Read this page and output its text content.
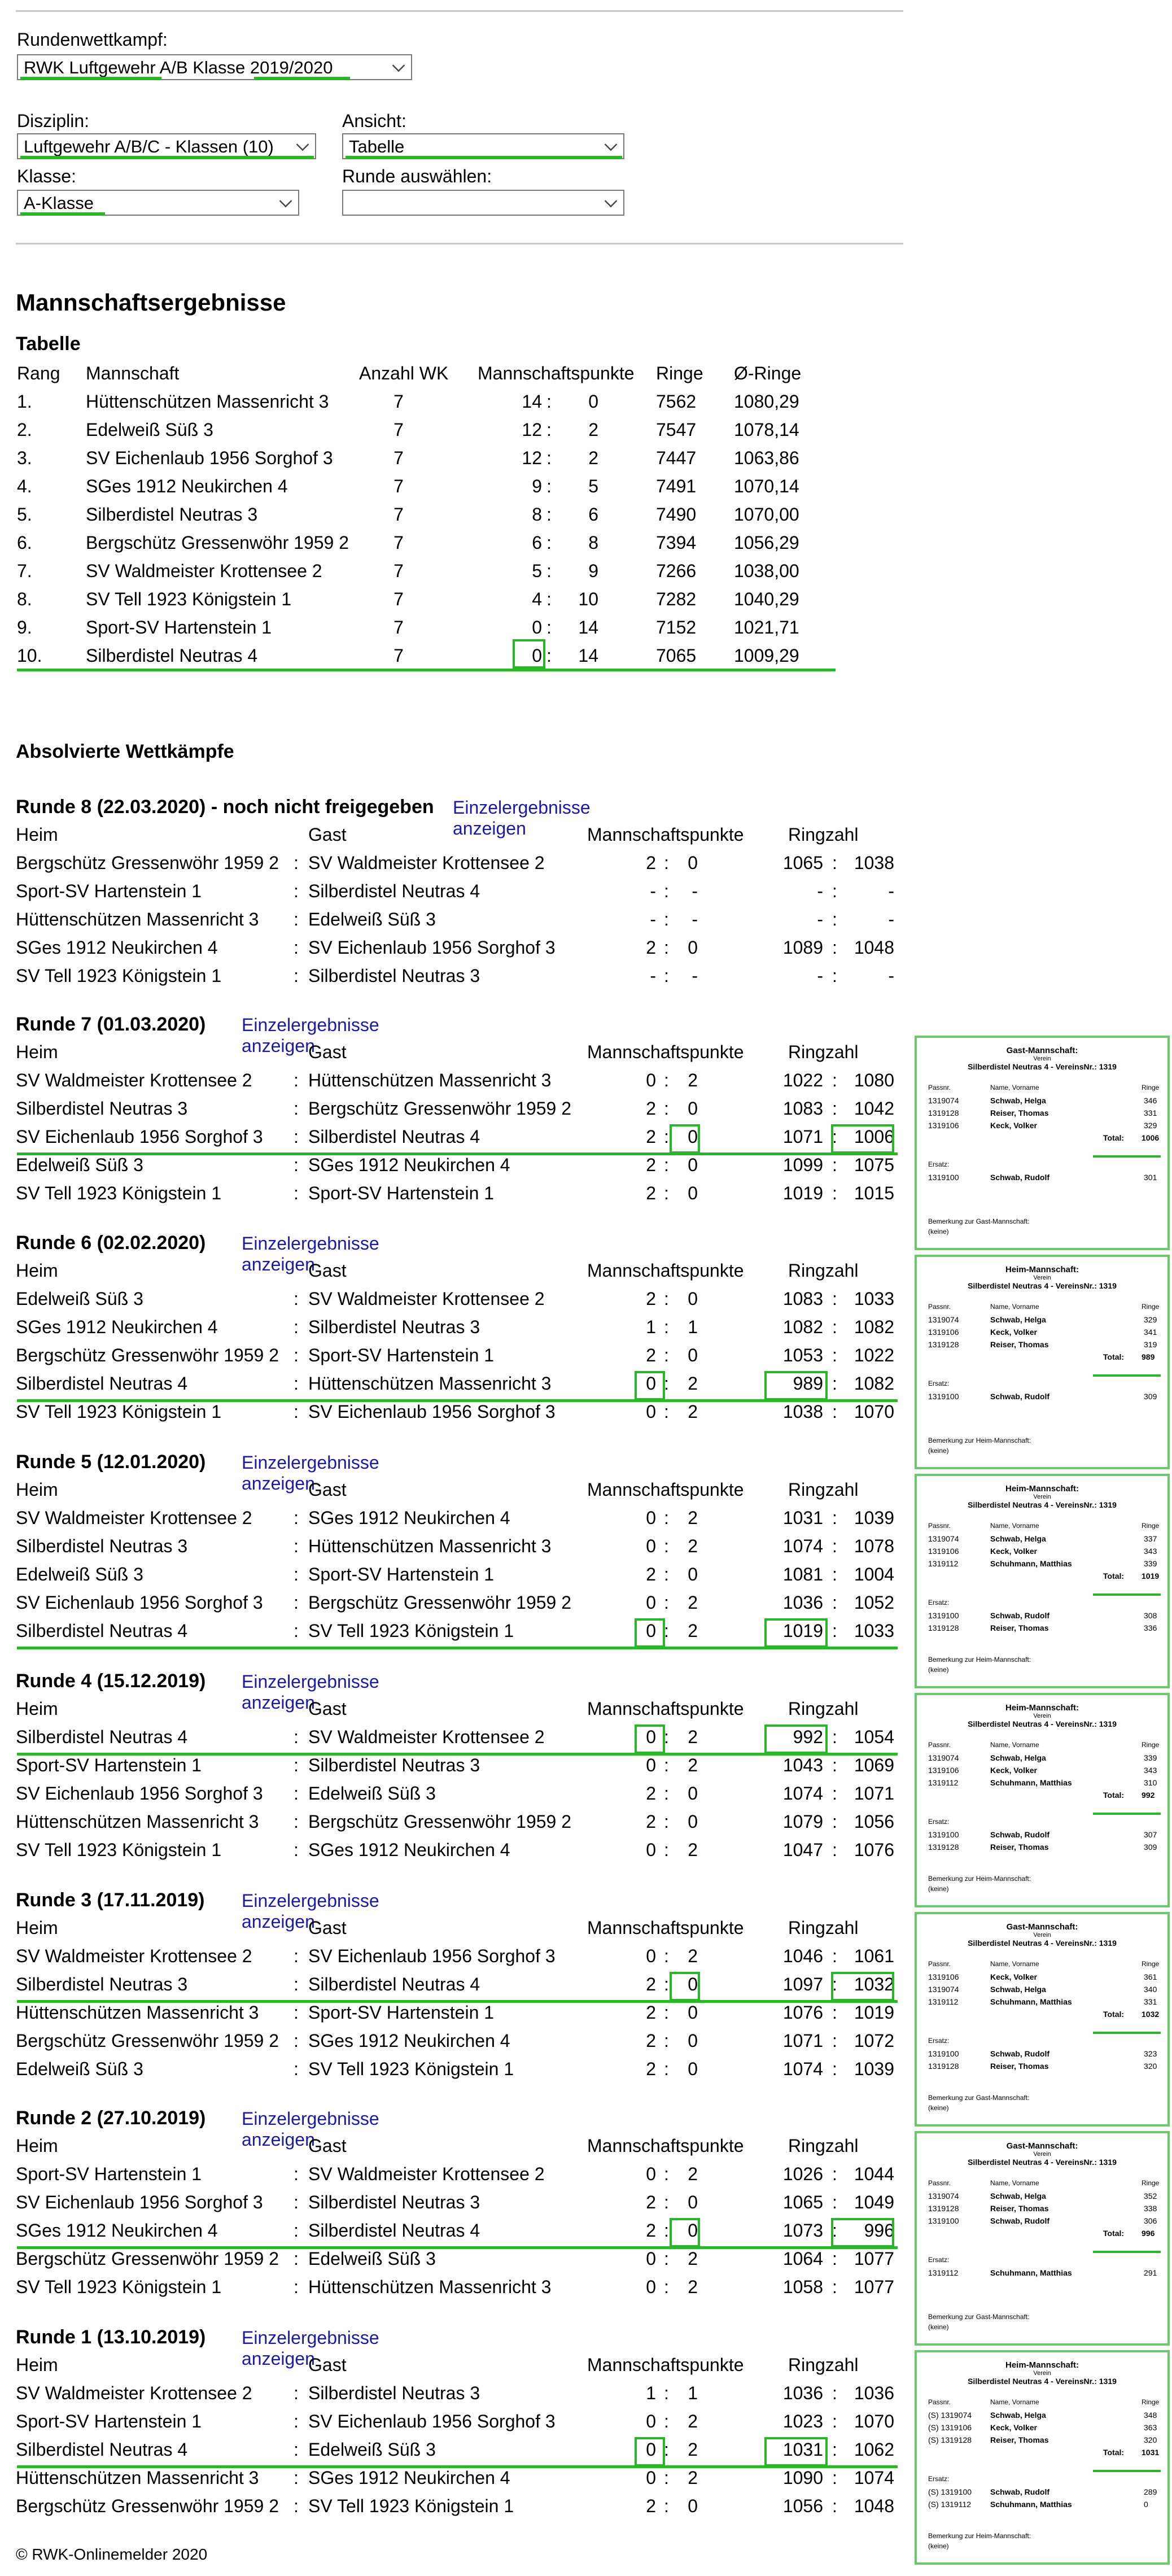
​
Rundenwettkampf:
RWK Luftgewehr A/B Klasse 2019/2020
Disziplin:
Luftgewehr A/B/C - Klassen (10)
Ansicht:
Tabelle
Klasse:
A-Klasse
Runde auswählen:
Mannschaftsergebnisse
Tabelle
Rang Mannschaft	Anzahl WK Mannschaftspunkte Ringe Ø-Ringe
1.	Hüttenschützen Massenricht 3	7	14 :	0	7562 1080,29
2.	Edelweiß Süß 3	7	12 :	2	7547 1078,14
3.	SV Eichenlaub 1956 Sorghof 3	7	12 :	2	7447 1063,86
4.	SGes 1912 Neukirchen 4	7	9 :	5	7491 1070,14
5.	Silberdistel Neutras 3	7	8 :	6	7490 1070,00
6.	Bergschütz Gressenwöhr 1959 2	7	6 :	8	7394 1056,29
7.	SV Waldmeister Krottensee 2	7	5 :	9	7266 1038,00
8.	SV Tell 1923 Königstein 1	7	4 :	10	7282 1040,29
9.	Sport-SV Hartenstein 1	7	0 :	14	7152 1021,71
10. Silberdistel Neutras 4	7	0 :	14	7065 1009,29
Absolvierte Wettkämpfe
Runde 8 (22.03.2020) - noch nicht freigegeben Einzelergebnisse anzeigen
Heim	Gast	Mannschaftspunkte Ringzahl
Bergschütz Gressenwöhr 1959 2 : SV Waldmeister Krottensee 2	2 :	0	1065 : 1038
Sport-SV Hartenstein 1	: Silberdistel Neutras 4	- :	-	- :	-
Hüttenschützen Massenricht 3 : Edelweiß Süß 3	- :	-	- :	-
SGes 1912 Neukirchen 4	: SV Eichenlaub 1956 Sorghof 3	2 :	0	1089 : 1048
SV Tell 1923 Königstein 1	: Silberdistel Neutras 3	- :	-	- :	-
Runde 7 (01.03.2020) Einzelergebnisse anzeigen
Heim	Gast	Mannschaftspunkte Ringzahl
SV Waldmeister Krottensee 2 : Hüttenschützen Massenricht 3	0 :	2	1022 : 1080
Silberdistel Neutras 3	: Bergschütz Gressenwöhr 1959 2	2 :	0	1083 : 1042
SV Eichenlaub 1956 Sorghof 3 : Silberdistel Neutras 4	2 :	0	1071 : 1006
Edelweiß Süß 3	: SGes 1912 Neukirchen 4	2 :	0	1099 : 1075
SV Tell 1923 Königstein 1	: Sport-SV Hartenstein 1	2 :	0	1019 : 1015
Runde 6 (02.02.2020) Einzelergebnisse anzeigen
Heim	Gast	Mannschaftspunkte Ringzahl
Edelweiß Süß 3	: SV Waldmeister Krottensee 2	2 :	0	1083 : 1033
SGes 1912 Neukirchen 4	: Silberdistel Neutras 3	1 :	1	1082 : 1082
Bergschütz Gressenwöhr 1959 2 : Sport-SV Hartenstein 1	2 :	0	1053 : 1022
Silberdistel Neutras 4	: Hüttenschützen Massenricht 3	0 :	2	989 : 1082
SV Tell 1923 Königstein 1	: SV Eichenlaub 1956 Sorghof 3	0 :	2	1038 : 1070
Runde 5 (12.01.2020) Einzelergebnisse anzeigen
Heim	Gast	Mannschaftspunkte Ringzahl
SV Waldmeister Krottensee 2 : SGes 1912 Neukirchen 4	0 :	2	1031 : 1039
Silberdistel Neutras 3	: Hüttenschützen Massenricht 3	0 :	2	1074 : 1078
Edelweiß Süß 3	: Sport-SV Hartenstein 1	2 :	0	1081 : 1004
SV Eichenlaub 1956 Sorghof 3 : Bergschütz Gressenwöhr 1959 2	0 :	2	1036 : 1052
Silberdistel Neutras 4	: SV Tell 1923 Königstein 1	0 :	2	1019 : 1033
Runde 4 (15.12.2019) Einzelergebnisse anzeigen
Heim	Gast	Mannschaftspunkte Ringzahl
Silberdistel Neutras 4	: SV Waldmeister Krottensee 2	0 :	2	992 : 1054
Sport-SV Hartenstein 1	: Silberdistel Neutras 3	0 :	2	1043 : 1069
SV Eichenlaub 1956 Sorghof 3 : Edelweiß Süß 3	2 :	0	1074 : 1071
Hüttenschützen Massenricht 3 : Bergschütz Gressenwöhr 1959 2	2 :	0	1079 : 1056
SV Tell 1923 Königstein 1	: SGes 1912 Neukirchen 4	0 :	2	1047 : 1076
Runde 3 (17.11.2019) Einzelergebnisse anzeigen
Heim	Gast	Mannschaftspunkte Ringzahl
SV Waldmeister Krottensee 2 : SV Eichenlaub 1956 Sorghof 3	0 :	2	1046 : 1061
Silberdistel Neutras 3	: Silberdistel Neutras 4	2 :	0	1097 : 1032
Hüttenschützen Massenricht 3 : Sport-SV Hartenstein 1	2 :	0	1076 : 1019
Bergschütz Gressenwöhr 1959 2 : SGes 1912 Neukirchen 4	2 :	0	1071 : 1072
Edelweiß Süß 3	: SV Tell 1923 Königstein 1	2 :	0	1074 : 1039
Runde 2 (27.10.2019) Einzelergebnisse anzeigen
Heim	Gast	Mannschaftspunkte Ringzahl
Sport-SV Hartenstein 1	: SV Waldmeister Krottensee 2	0 :	2	1026 : 1044
SV Eichenlaub 1956 Sorghof 3 : Silberdistel Neutras 3	2 :	0	1065 : 1049
SGes 1912 Neukirchen 4	: Silberdistel Neutras 4	2 :	0	1073 :	996
Bergschütz Gressenwöhr 1959 2 : Edelweiß Süß 3	0 :	2	1064 : 1077
SV Tell 1923 Königstein 1	: Hüttenschützen Massenricht 3	0 :	2	1058 : 1077
Runde 1 (13.10.2019) Einzelergebnisse anzeigen
Heim	Gast	Mannschaftspunkte Ringzahl
SV Waldmeister Krottensee 2 : Silberdistel Neutras 3	1 :	1	1036 : 1036
Sport-SV Hartenstein 1	: SV Eichenlaub 1956 Sorghof 3	0 :	2	1023 : 1070
Silberdistel Neutras 4	: Edelweiß Süß 3	0 :	2	1031 : 1062
Hüttenschützen Massenricht 3 : SGes 1912 Neukirchen 4	0 :	2	1090 : 1074
Bergschütz Gressenwöhr 1959 2 : SV Tell 1923 Königstein 1	2 :	0	1056 : 1048
Gast-Mannschaft:
Verein
Silberdistel Neutras 4 - VereinsNr.: 1319
Passnr.	Name, Vorname	Ringe
1319074	Schwab, Helga	346
1319128	Reiser, Thomas	331
1319106	Keck, Volker	329
Total: 1006
Ersatz:
1319100	Schwab, Rudolf	301
Bemerkung zur Gast-Mannschaft:
(keine)
Heim-Mannschaft:
Verein
Silberdistel Neutras 4 - VereinsNr.: 1319
Passnr.	Name, Vorname	Ringe
1319074	Schwab, Helga	329
1319106	Keck, Volker	341
1319128	Reiser, Thomas	319
Total: 989
Ersatz:
1319100	Schwab, Rudolf	309
Bemerkung zur Heim-Mannschaft:
(keine)
Heim-Mannschaft:
Verein
Silberdistel Neutras 4 - VereinsNr.: 1319
Passnr.	Name, Vorname	Ringe
1319074	Schwab, Helga	337
1319106	Keck, Volker	343
1319112	Schuhmann, Matthias	339
Total: 1019
Ersatz:
1319100	Schwab, Rudolf	308
1319128	Reiser, Thomas	336
Bemerkung zur Heim-Mannschaft:
(keine)
Heim-Mannschaft:
Verein
Silberdistel Neutras 4 - VereinsNr.: 1319
Passnr.	Name, Vorname	Ringe
1319074	Schwab, Helga	339
1319106	Keck, Volker	343
1319112	Schuhmann, Matthias	310
Total: 992
Ersatz:
1319100	Schwab, Rudolf	307
1319128	Reiser, Thomas	309
Bemerkung zur Heim-Mannschaft:
(keine)
Gast-Mannschaft:
Verein
Silberdistel Neutras 4 - VereinsNr.: 1319
Passnr.	Name, Vorname	Ringe
1319106	Keck, Volker	361
1319074	Schwab, Helga	340
1319112	Schuhmann, Matthias	331
Total: 1032
Ersatz:
1319100	Schwab, Rudolf	323
1319128	Reiser, Thomas	320
Bemerkung zur Gast-Mannschaft:
(keine)
Gast-Mannschaft:
Verein
Silberdistel Neutras 4 - VereinsNr.: 1319
Passnr.	Name, Vorname	Ringe
1319074	Schwab, Helga	352
1319128	Reiser, Thomas	338
1319100	Schwab, Rudolf	306
Total: 996
Ersatz:
1319112	Schuhmann, Matthias	291
Bemerkung zur Gast-Mannschaft:
(keine)
Heim-Mannschaft:
Verein
Silberdistel Neutras 4 - VereinsNr.: 1319
Passnr.	Name, Vorname	Ringe
(S) 1319074 Schwab, Helga	348
(S) 1319106 Keck, Volker	363
(S) 1319128 Reiser, Thomas	320
Total: 1031
Ersatz:
(S) 1319100 Schwab, Rudolf	289
(S) 1319112 Schuhmann, Matthias	0
Bemerkung zur Heim-Mannschaft:
(keine)
© RWK-Onlinemelder 2020
